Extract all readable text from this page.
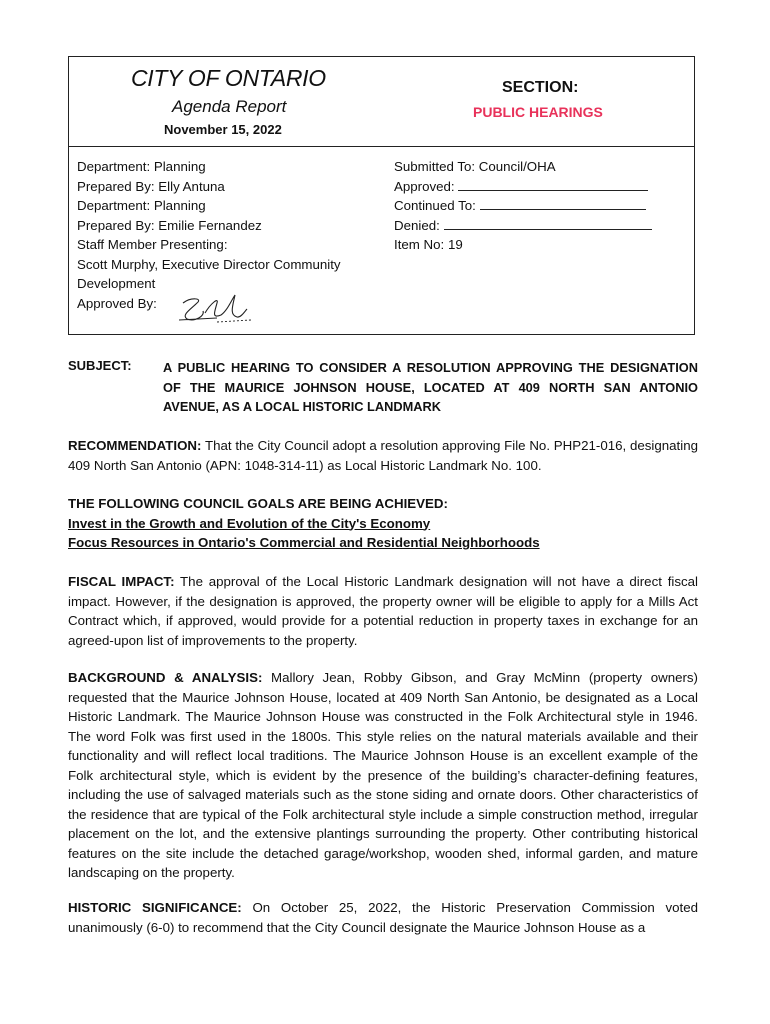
CITY OF ONTARIO
Agenda Report
November 15, 2022
SECTION:
PUBLIC HEARINGS
Department: Planning
Prepared By: Elly Antuna
Department: Planning
Prepared By: Emilie Fernandez
Staff Member Presenting:
Scott Murphy, Executive Director Community
Development
Approved By:
Submitted To: Council/OHA
Approved:
Continued To:
Denied:
Item No: 19
SUBJECT: A PUBLIC HEARING TO CONSIDER A RESOLUTION APPROVING THE DESIGNATION OF THE MAURICE JOHNSON HOUSE, LOCATED AT 409 NORTH SAN ANTONIO AVENUE, AS A LOCAL HISTORIC LANDMARK
RECOMMENDATION: That the City Council adopt a resolution approving File No. PHP21-016, designating 409 North San Antonio (APN: 1048-314-11) as Local Historic Landmark No. 100.
THE FOLLOWING COUNCIL GOALS ARE BEING ACHIEVED:
Invest in the Growth and Evolution of the City's Economy
Focus Resources in Ontario's Commercial and Residential Neighborhoods
FISCAL IMPACT: The approval of the Local Historic Landmark designation will not have a direct fiscal impact. However, if the designation is approved, the property owner will be eligible to apply for a Mills Act Contract which, if approved, would provide for a potential reduction in property taxes in exchange for an agreed-upon list of improvements to the property.
BACKGROUND & ANALYSIS: Mallory Jean, Robby Gibson, and Gray McMinn (property owners) requested that the Maurice Johnson House, located at 409 North San Antonio, be designated as a Local Historic Landmark. The Maurice Johnson House was constructed in the Folk Architectural style in 1946. The word Folk was first used in the 1800s. This style relies on the natural materials available and their functionality and will reflect local traditions. The Maurice Johnson House is an excellent example of the Folk architectural style, which is evident by the presence of the building’s character-defining features, including the use of salvaged materials such as the stone siding and ornate doors. Other characteristics of the residence that are typical of the Folk architectural style include a simple construction method, irregular placement on the lot, and the extensive plantings surrounding the property. Other contributing historical features on the site include the detached garage/workshop, wooden shed, informal garden, and mature landscaping on the property.
HISTORIC SIGNIFICANCE: On October 25, 2022, the Historic Preservation Commission voted unanimously (6-0) to recommend that the City Council designate the Maurice Johnson House as a
